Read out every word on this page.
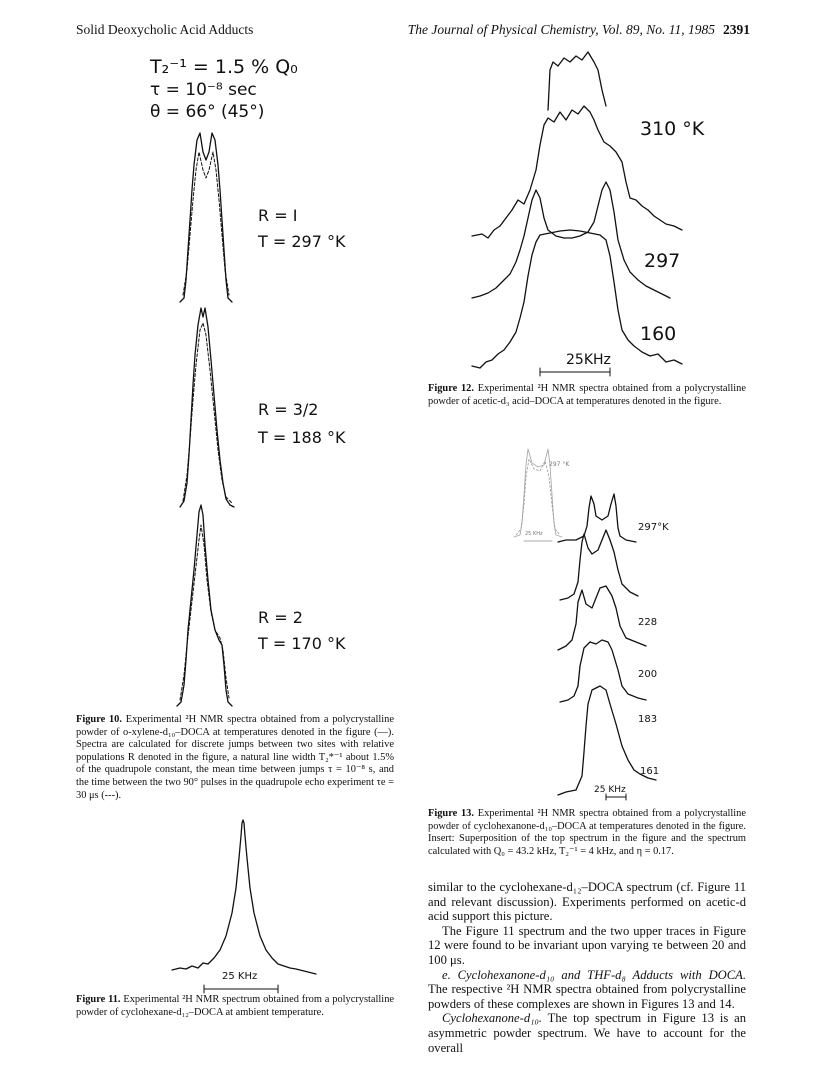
Solid Deoxycholic Acid Adducts	The Journal of Physical Chemistry, Vol. 89, No. 11, 1985 2391
T₂⁻¹ = 1.5 % Q₀
τ = 10⁻⁸ sec
θ = 66° (45°)
R = I
T = 297 °K
R = 3/2
T = 188 °K
R = 2
T = 170 °K
Figure 10. Experimental ²H NMR spectra obtained from a polycrystalline powder of o-xylene-d₁₀–DOCA at temperatures denoted in the figure (—). Spectra are calculated for discrete jumps between two sites with relative populations R denoted in the figure, a natural line width T₂*⁻¹ about 1.5% of the quadrupole constant, the mean time between jumps τ = 10⁻⁸ s, and the time between the two 90° pulses in the quadrupole echo experiment τe = 30 μs (---).
25 KHz
Figure 11. Experimental ²H NMR spectrum obtained from a polycrystalline powder of cyclohexane-d₁₂–DOCA at ambient temperature.
310 °K
297
160
25KHz
Figure 12. Experimental ²H NMR spectra obtained from a polycrystalline powder of acetic-d₃ acid–DOCA at temperatures denoted in the figure.
297 °K
25 KHz
297°K
228
200
183
161
25 KHz
Figure 13. Experimental ²H NMR spectra obtained from a polycrystalline powder of cyclohexanone-d₁₀–DOCA at temperatures denoted in the figure. Insert: Superposition of the top spectrum in the figure and the spectrum calculated with Q₀ = 43.2 kHz, T₂⁻¹ = 4 kHz, and η = 0.17.

similar to the cyclohexane-d₁₂–DOCA spectrum (cf. Figure 11 and relevant discussion). Experiments performed on acetic-d acid support this picture.

The Figure 11 spectrum and the two upper traces in Figure 12 were found to be invariant upon varying τe between 20 and 100 μs.

e. Cyclohexanone-d₁₀ and THF-d₈ Adducts with DOCA. The respective ²H NMR spectra obtained from polycrystalline powders of these complexes are shown in Figures 13 and 14.

Cyclohexanone-d₁₀. The top spectrum in Figure 13 is an asymmetric powder spectrum. We have to account for the overall
